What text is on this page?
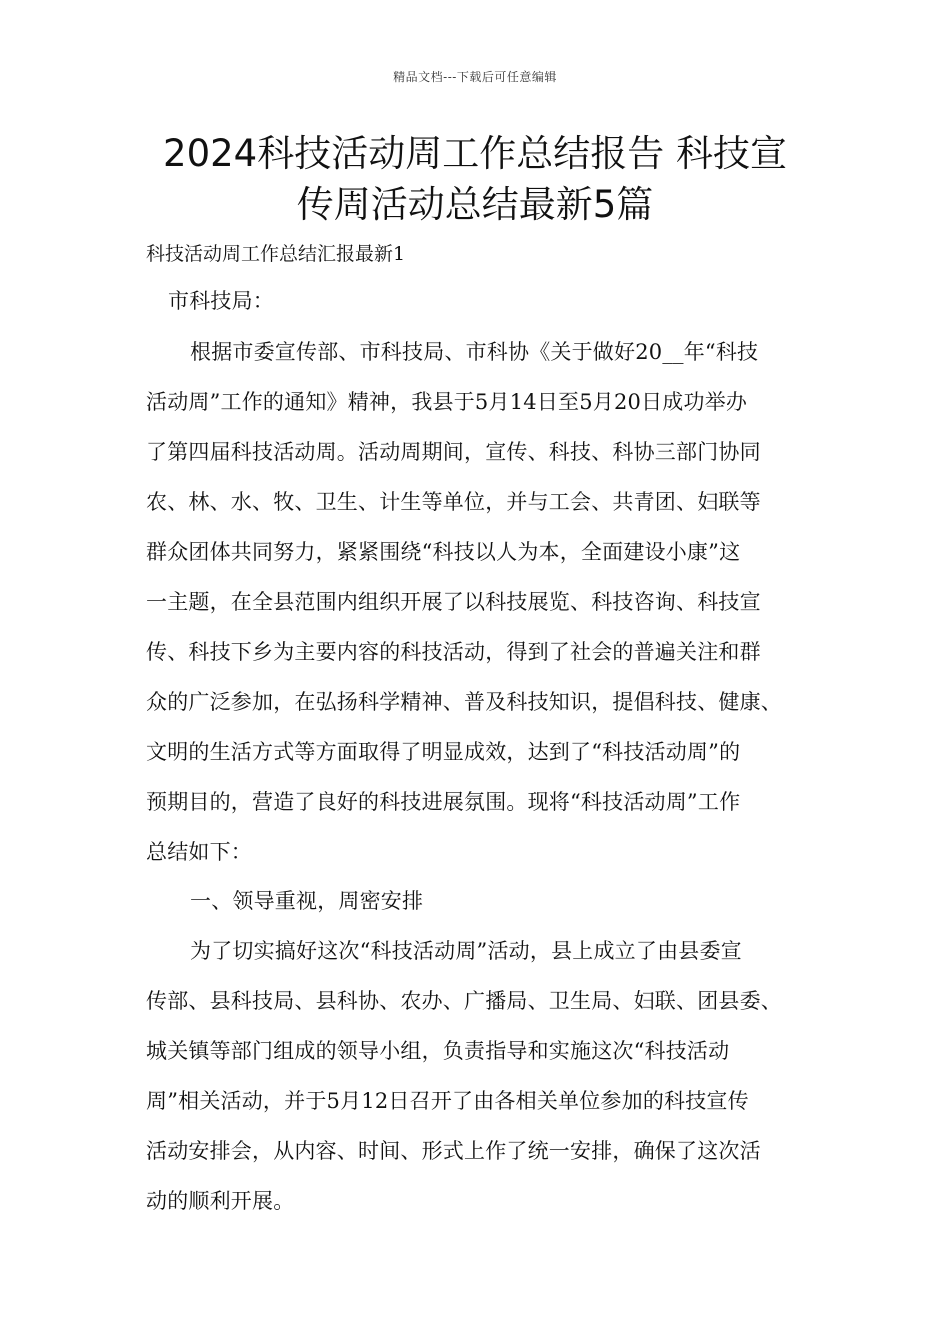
精品文档---下载后可任意编辑
2024科技活动周工作总结报告 科技宣
传周活动总结最新5篇
科技活动周工作总结汇报最新1
市科技局：
根据市委宣传部、市科技局、市科协《关于做好20__年“科技
活动周”工作的通知》精神，我县于5月14日至5月20日成功举办
了第四届科技活动周。活动周期间，宣传、科技、科协三部门协同
农、林、水、牧、卫生、计生等单位，并与工会、共青团、妇联等
群众团体共同努力，紧紧围绕“科技以人为本，全面建设小康”这
一主题，在全县范围内组织开展了以科技展览、科技咨询、科技宣
传、科技下乡为主要内容的科技活动，得到了社会的普遍关注和群
众的广泛参加，在弘扬科学精神、普及科技知识，提倡科技、健康、
文明的生活方式等方面取得了明显成效，达到了“科技活动周”的
预期目的，营造了良好的科技进展氛围。现将“科技活动周”工作
总结如下：
一、领导重视，周密安排
为了切实搞好这次“科技活动周”活动，县上成立了由县委宣
传部、县科技局、县科协、农办、广播局、卫生局、妇联、团县委、
城关镇等部门组成的领导小组，负责指导和实施这次“科技活动
周”相关活动，并于5月12日召开了由各相关单位参加的科技宣传
活动安排会，从内容、时间、形式上作了统一安排，确保了这次活
动的顺利开展。
